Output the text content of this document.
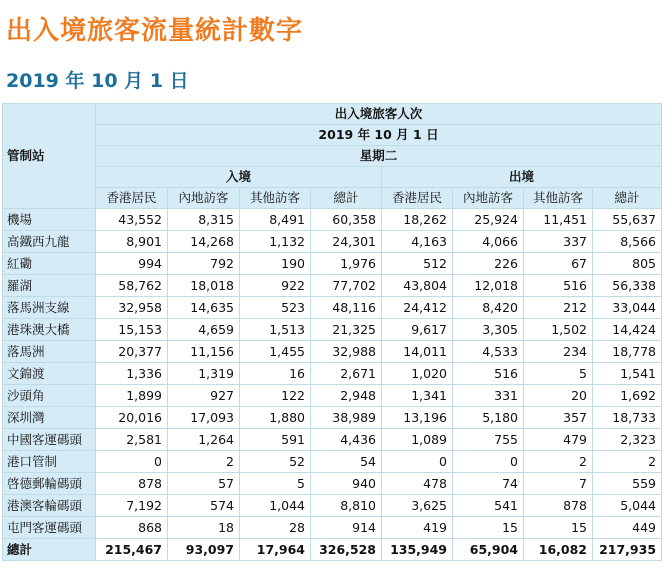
出入境旅客流量統計數字
2019 年 10 月 1 日
管制站	出入境旅客人次							
	2019 年 10 月 1 日							
	星期二							
	入境				出境			
	香港居民	內地訪客	其他訪客	總計	香港居民	內地訪客	其他訪客	總計
機場	43,552	8,315	8,491	60,358	18,262	25,924	11,451	55,637
高鐵西九龍	8,901	14,268	1,132	24,301	4,163	4,066	337	8,566
紅磡	994	792	190	1,976	512	226	67	805
羅湖	58,762	18,018	922	77,702	43,804	12,018	516	56,338
落馬洲支線	32,958	14,635	523	48,116	24,412	8,420	212	33,044
港珠澳大橋	15,153	4,659	1,513	21,325	9,617	3,305	1,502	14,424
落馬洲	20,377	11,156	1,455	32,988	14,011	4,533	234	18,778
文錦渡	1,336	1,319	16	2,671	1,020	516	5	1,541
沙頭角	1,899	927	122	2,948	1,341	331	20	1,692
深圳灣	20,016	17,093	1,880	38,989	13,196	5,180	357	18,733
中國客運碼頭	2,581	1,264	591	4,436	1,089	755	479	2,323
港口管制	0	2	52	54	0	0	2	2
啓德郵輪碼頭	878	57	5	940	478	74	7	559
港澳客輪碼頭	7,192	574	1,044	8,810	3,625	541	878	5,044
屯門客運碼頭	868	18	28	914	419	15	15	449
總計	215,467	93,097	17,964	326,528	135,949	65,904	16,082	217,935
